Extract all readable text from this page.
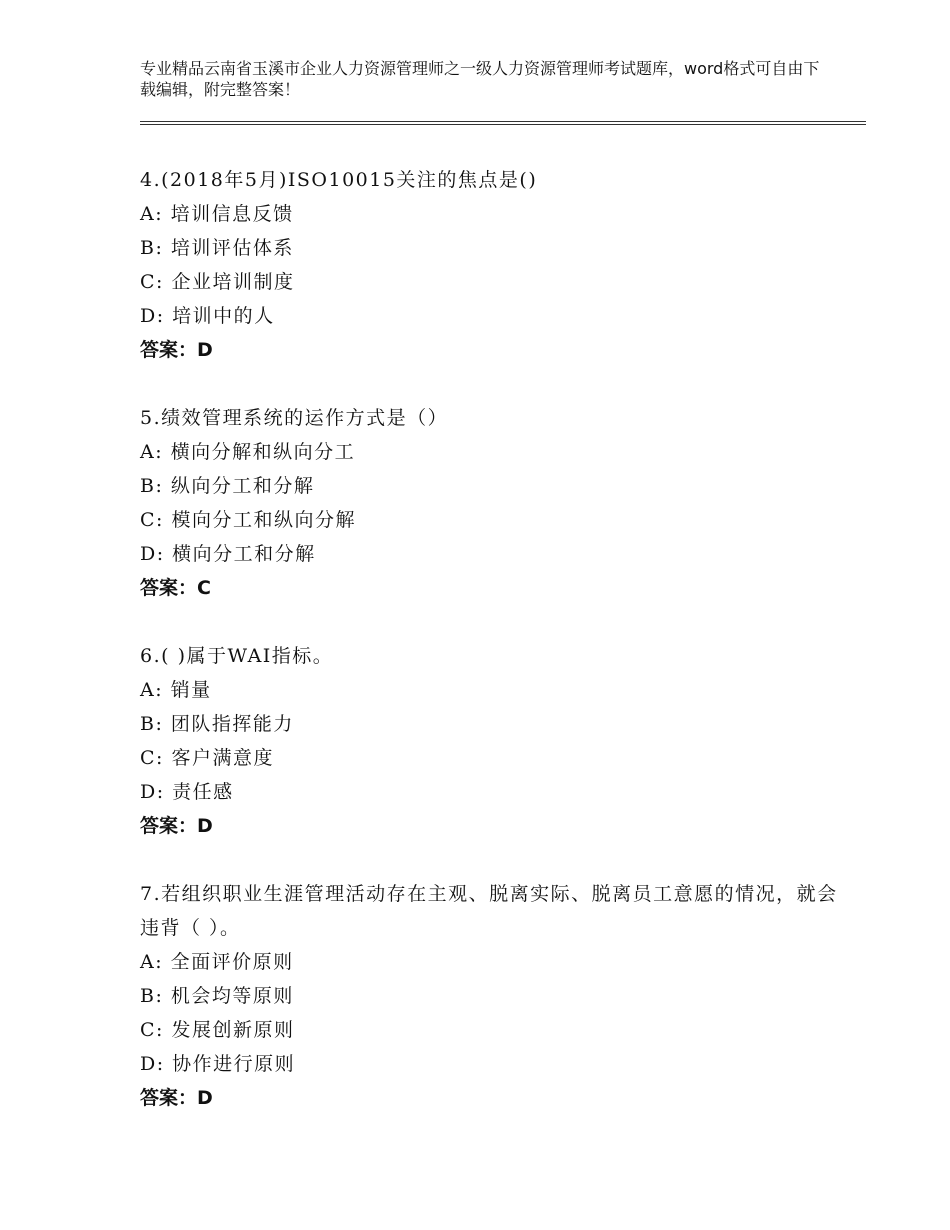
专业精品云南省玉溪市企业人力资源管理师之一级人力资源管理师考试题库，word格式可自由下载编辑，附完整答案！
4.(2018年5月)ISO10015关注的焦点是()
A: 培训信息反馈
B: 培训评估体系
C: 企业培训制度
D: 培训中的人
答案：D
5.绩效管理系统的运作方式是（）
A: 横向分解和纵向分工
B: 纵向分工和分解
C: 模向分工和纵向分解
D: 横向分工和分解
答案：C
6.( )属于WAI指标。
A: 销量
B: 团队指挥能力
C: 客户满意度
D: 责任感
答案：D
7.若组织职业生涯管理活动存在主观、脱离实际、脱离员工意愿的情况，就会违背（ ）。
A: 全面评价原则
B: 机会均等原则
C: 发展创新原则
D: 协作进行原则
答案：D
